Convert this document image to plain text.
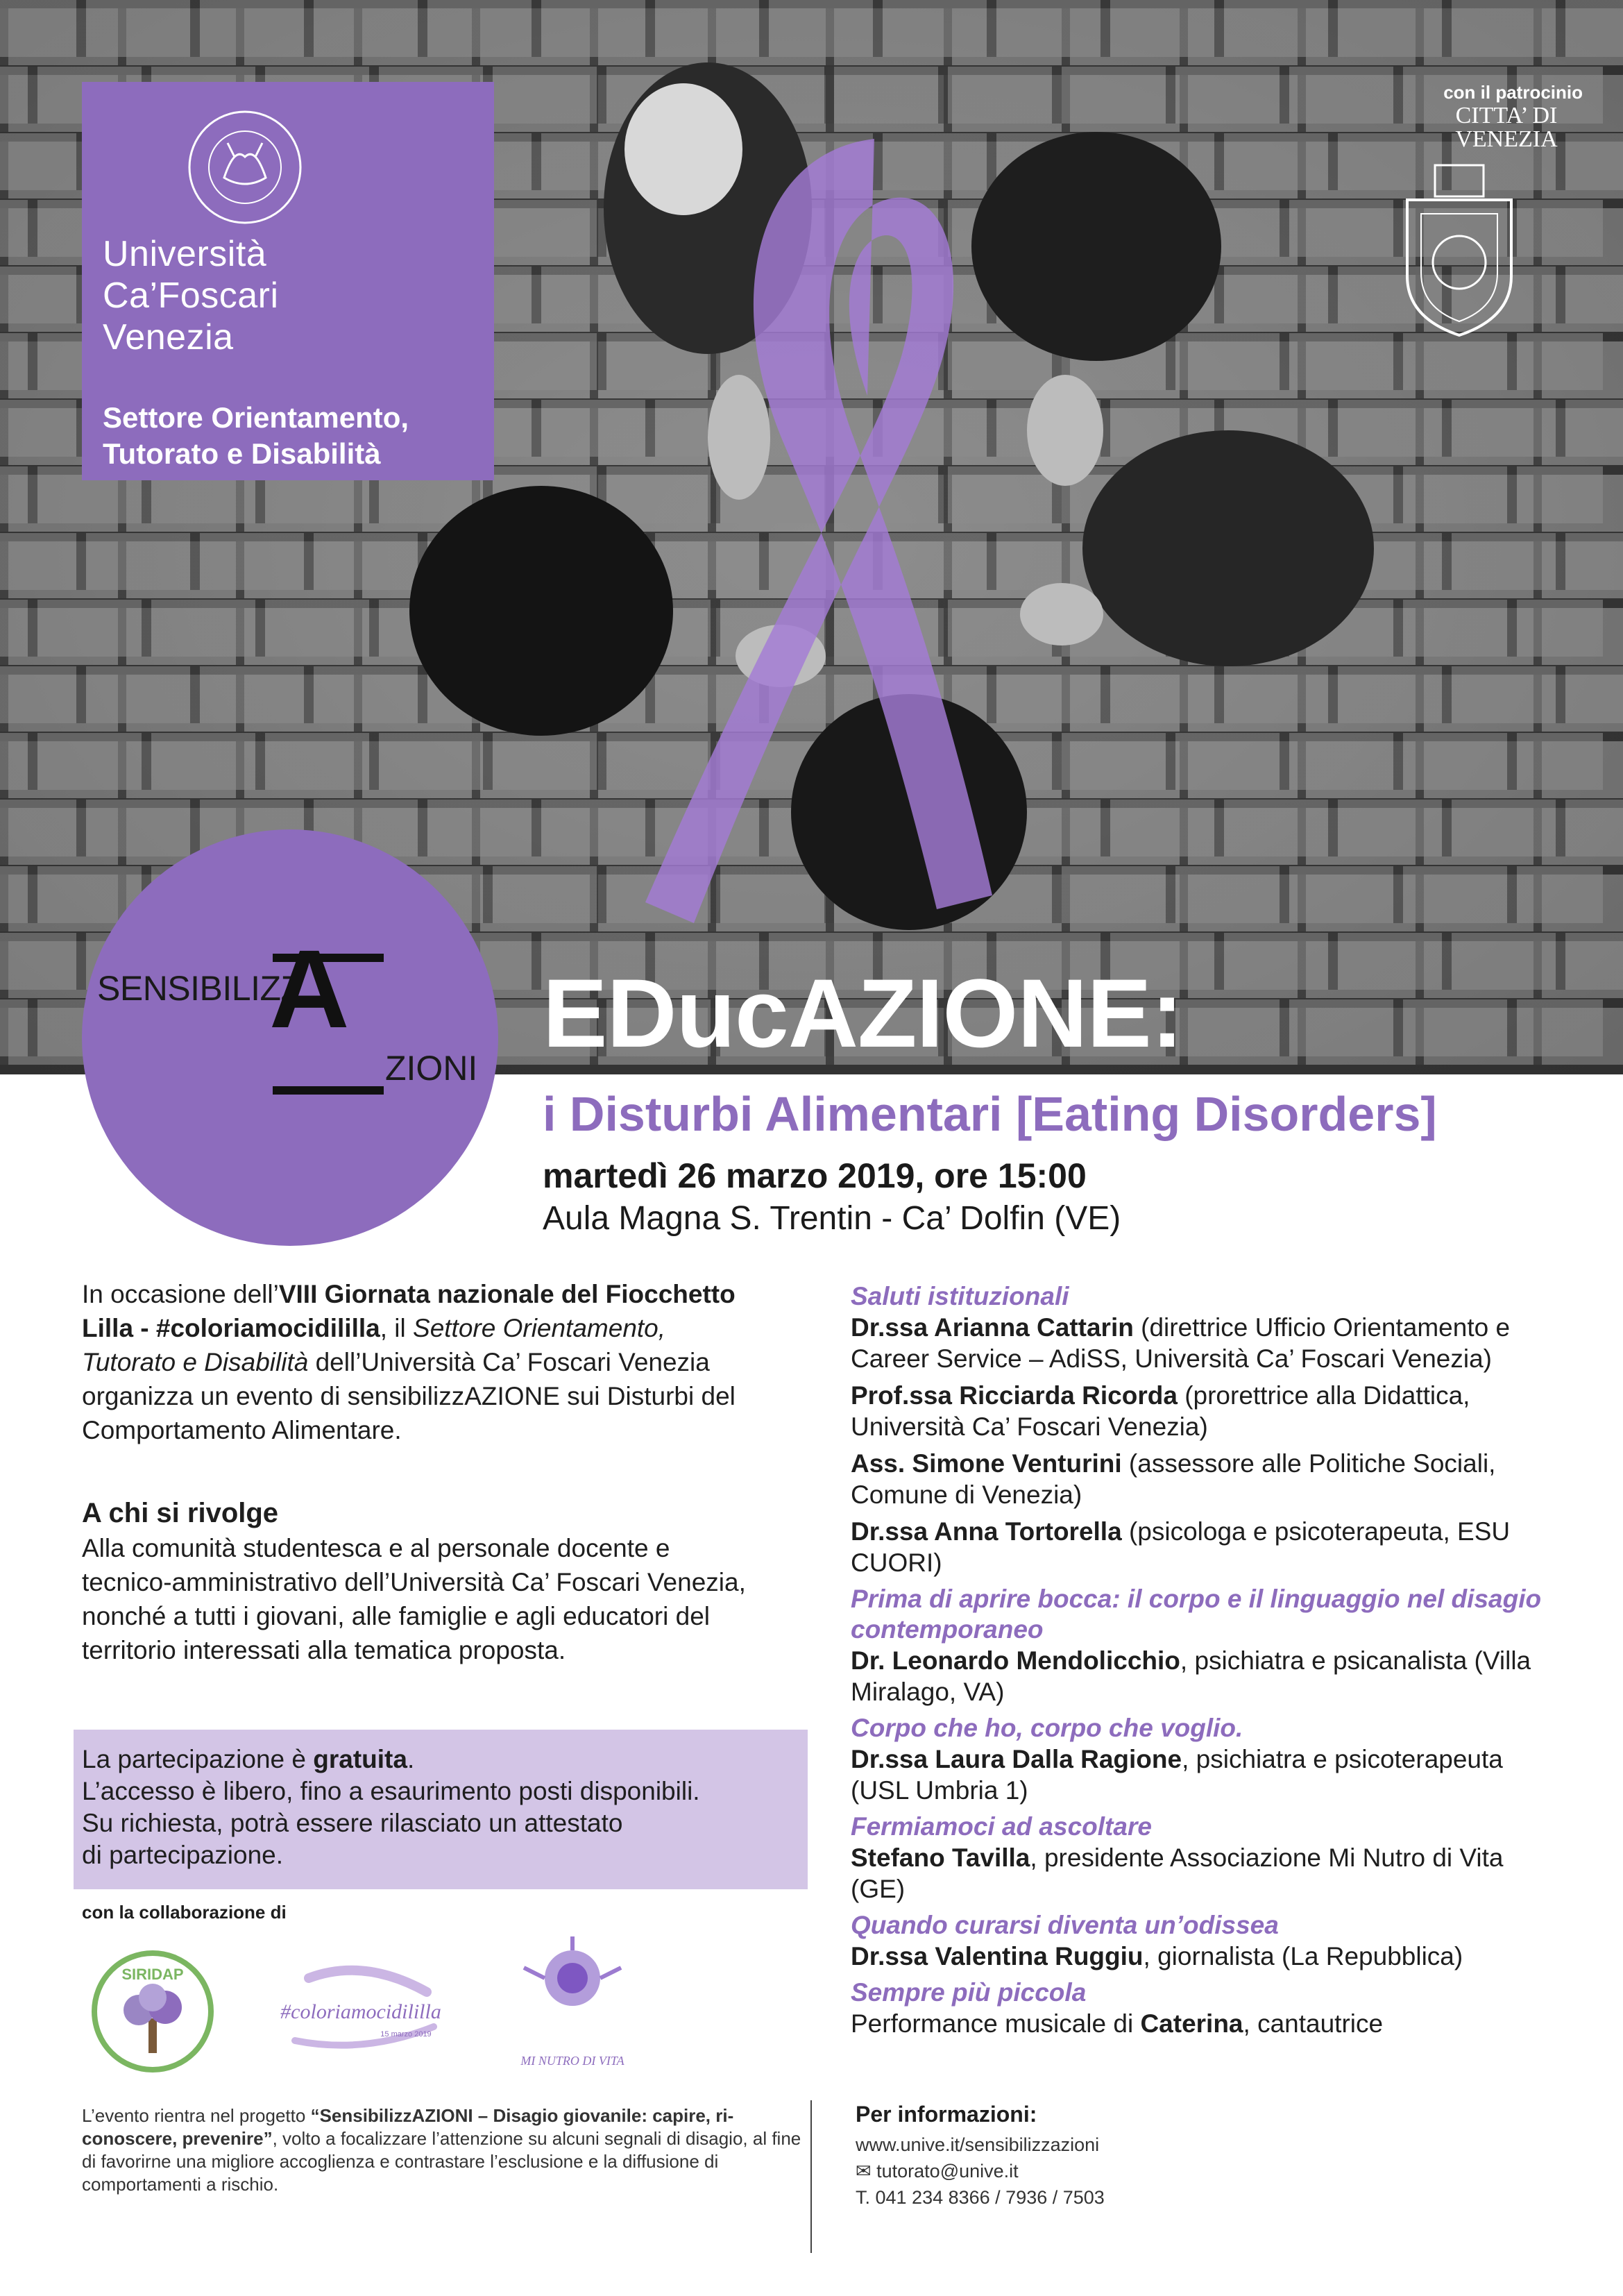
Università
Ca’Foscari
Venezia
Settore Orientamento,
Tutorato e Disabilità
con il patrocinio
CITTA’ DI
VENEZIA
SENSIBILIZZ
A
ZIONI
EDucAZIONE:
i Disturbi Alimentari [Eating Disorders]
martedì 26 marzo 2019, ore 15:00
Aula Magna S. Trentin - Ca’ Dolfin (VE)
In occasione dell’VIII Giornata nazionale del Fiocchetto Lilla - #coloriamocidililla, il Settore Orientamento, Tutorato e Disabilità dell’Università Ca’ Foscari Venezia organizza un evento di sensibilizzAZIONE sui Disturbi del Comportamento Alimentare.
A chi si rivolge
Alla comunità studentesca e al personale docente e tecnico-amministrativo dell’Università Ca’ Foscari Venezia, nonché a tutti i giovani, alle famiglie e agli educatori del territorio interessati alla tematica proposta.
La partecipazione è gratuita.
L’accesso è libero, fino a esaurimento posti disponibili.
Su richiesta, potrà essere rilasciato un attestato
di partecipazione.
con la collaborazione di
SIRIDAP
#coloriamocidililla
15 marzo 2019
MI NUTRO DI VITA
L’evento rientra nel progetto “SensibilizzAZIONI – Disagio giovanile: capire, ri-conoscere, prevenire”, volto a focalizzare l’attenzione su alcuni segnali di disagio, al fine di favorirne una migliore accoglienza e contrastare l’esclusione e la diffusione di comportamenti a rischio.
Saluti istituzionali
Dr.ssa Arianna Cattarin (direttrice Ufficio Orientamento e Career Service – AdiSS, Università Ca’ Foscari Venezia)
Prof.ssa Ricciarda Ricorda (prorettrice alla Didattica, Università Ca’ Foscari Venezia)
Ass. Simone Venturini (assessore alle Politiche Sociali, Comune di Venezia)
Dr.ssa Anna Tortorella (psicologa e psicoterapeuta, ESU CUORI)
Prima di aprire bocca: il corpo e il linguaggio nel disagio contemporaneo
Dr. Leonardo Mendolicchio, psichiatra e psicanalista (Villa Miralago, VA)
Corpo che ho, corpo che voglio.
Dr.ssa Laura Dalla Ragione, psichiatra e psicoterapeuta (USL Umbria 1)
Fermiamoci ad ascoltare
Stefano Tavilla, presidente Associazione Mi Nutro di Vita (GE)
Quando curarsi diventa un’odissea
Dr.ssa Valentina Ruggiu, giornalista (La Repubblica)
Sempre più piccola
Performance musicale di Caterina, cantautrice
Per informazioni:
www.unive.it/sensibilizzazioni
✉ tutorato@unive.it
T. 041 234 8366 / 7936 / 7503
